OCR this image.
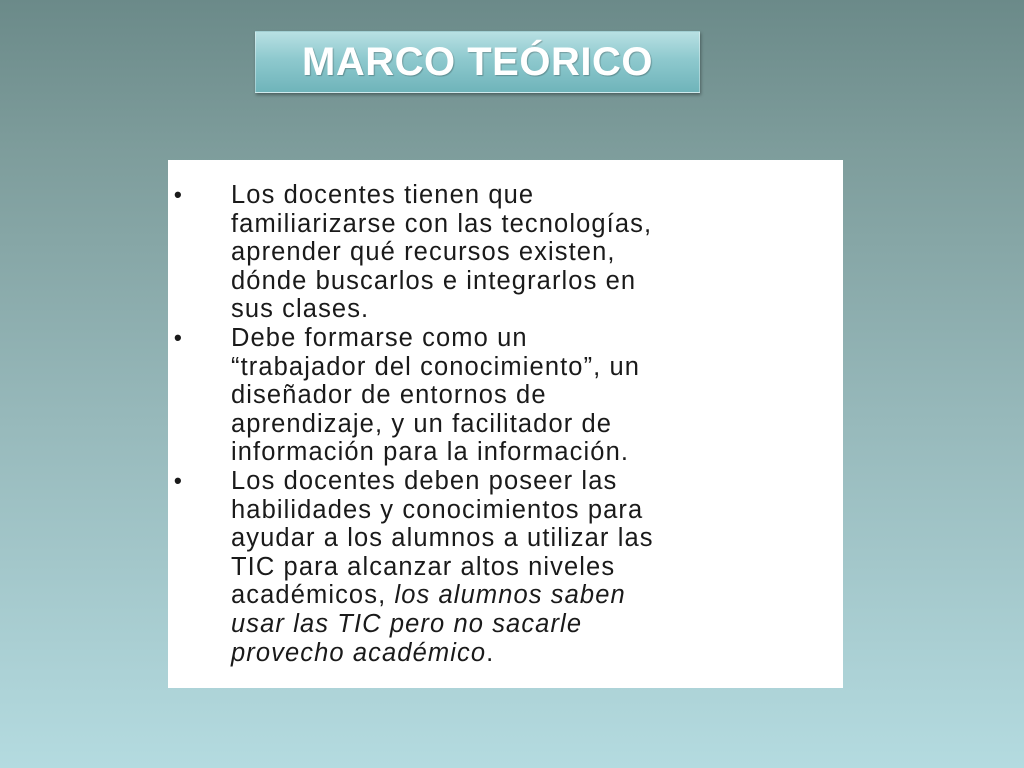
MARCO TEÓRICO
• Los docentes tienen que
familiarizarse con las tecnologías,
aprender qué recursos existen,
dónde buscarlos e integrarlos en
sus clases.
• Debe formarse como un
“trabajador del conocimiento”, un
diseñador de entornos de
aprendizaje, y un facilitador de
información para la información.
• Los docentes deben poseer las
habilidades y conocimientos para
ayudar a los alumnos a utilizar las
TIC para alcanzar altos niveles
académicos, los alumnos saben
usar las TIC pero no sacarle
provecho académico.
